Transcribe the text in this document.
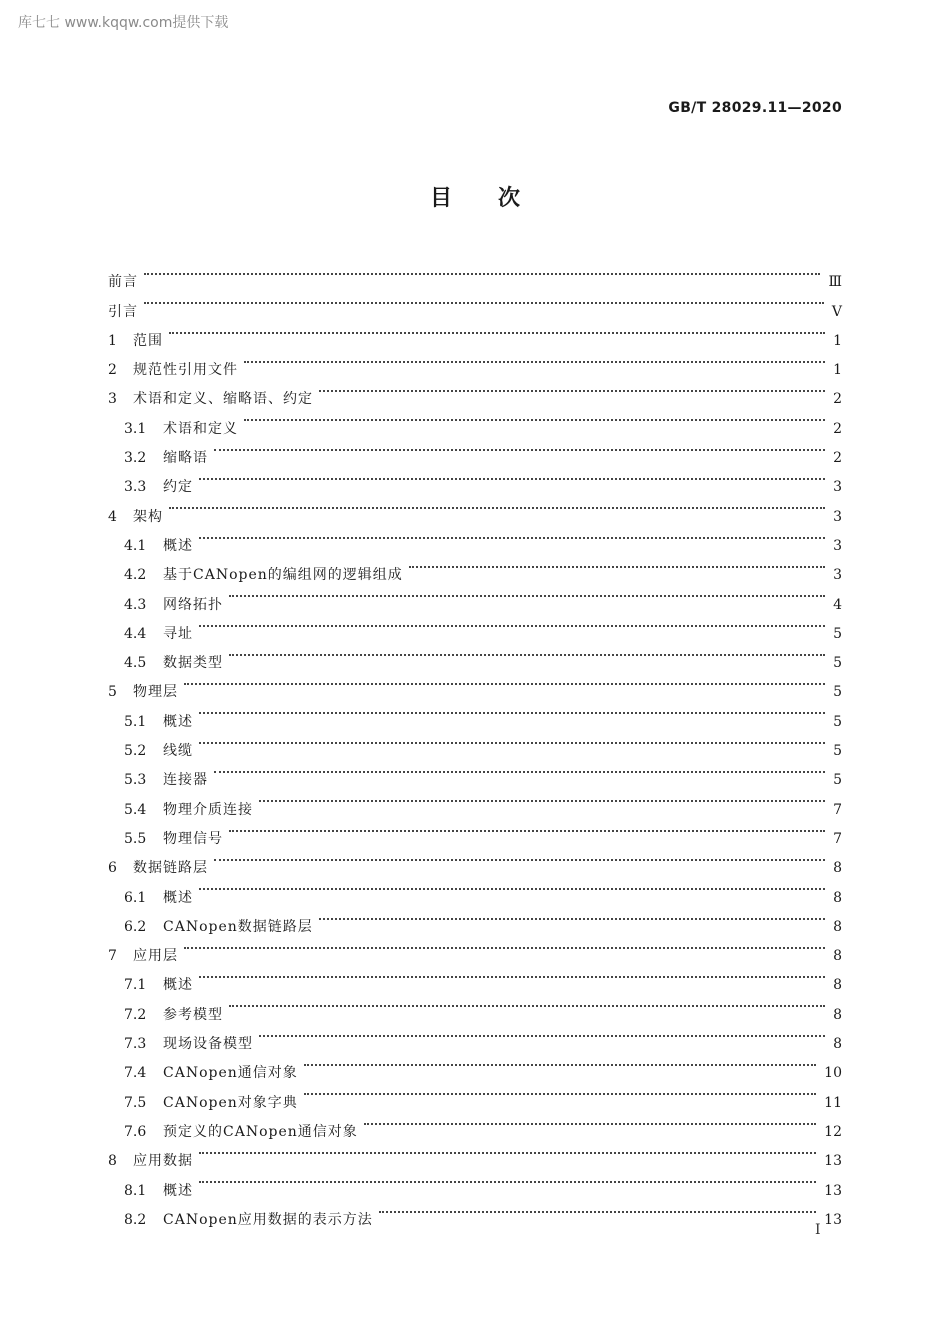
库七七 www.kqqw.com提供下载
GB/T 28029.11—2020
目次
前言	Ⅲ
引言	Ⅴ
1	范围	1
2	规范性引用文件	1
3	术语和定义、缩略语、约定	2
3.1	术语和定义	2
3.2	缩略语	2
3.3	约定	3
4	架构	3
4.1	概述	3
4.2	基于CANopen的编组网的逻辑组成	3
4.3	网络拓扑	4
4.4	寻址	5
4.5	数据类型	5
5	物理层	5
5.1	概述	5
5.2	线缆	5
5.3	连接器	5
5.4	物理介质连接	7
5.5	物理信号	7
6	数据链路层	8
6.1	概述	8
6.2	CANopen数据链路层	8
7	应用层	8
7.1	概述	8
7.2	参考模型	8
7.3	现场设备模型	8
7.4	CANopen通信对象	10
7.5	CANopen对象字典	11
7.6	预定义的CANopen通信对象	12
8	应用数据	13
8.1	概述	13
8.2	CANopen应用数据的表示方法	13
Ⅰ
